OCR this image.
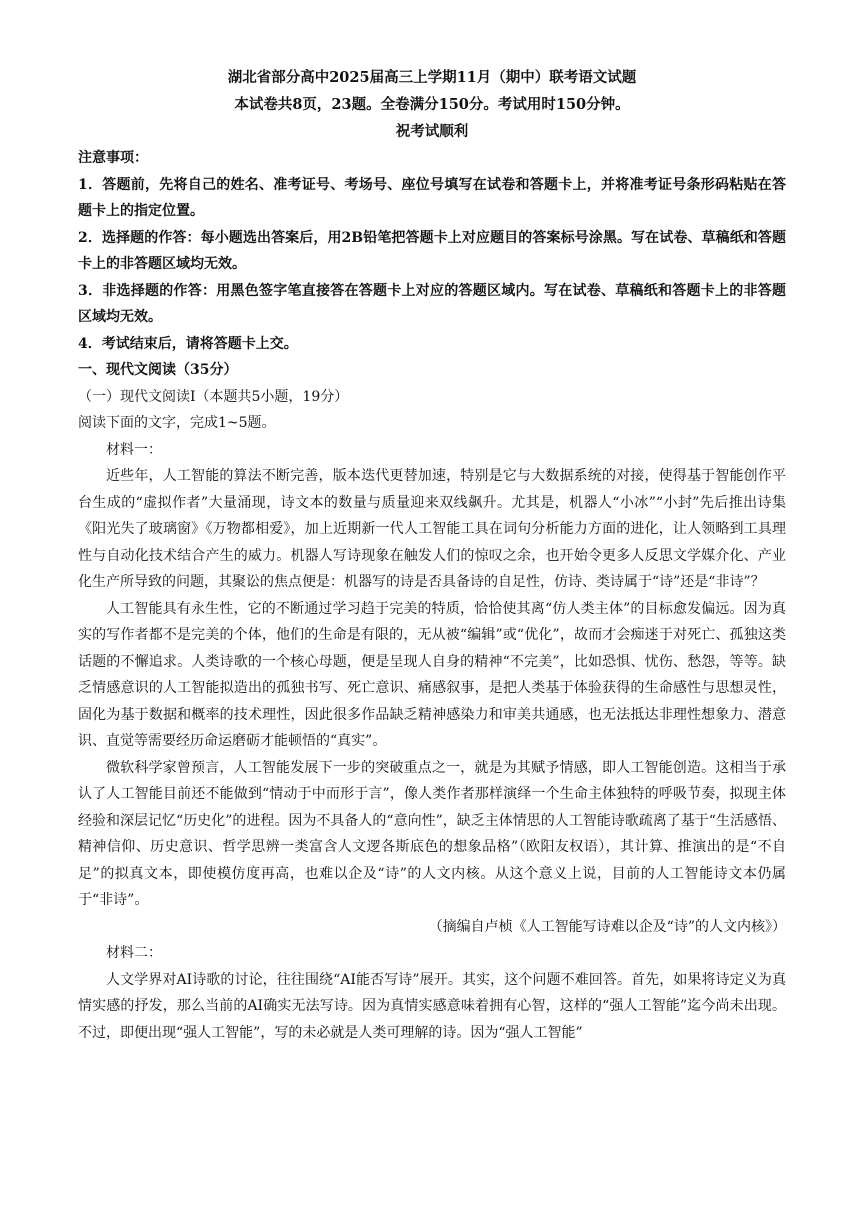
湖北省部分高中2025届高三上学期11月（期中）联考语文试题
本试卷共8页，23题。全卷满分150分。考试用时150分钟。
祝考试顺利

注意事项：

1．答题前，先将自己的姓名、准考证号、考场号、座位号填写在试卷和答题卡上，并将准考证号条形码粘贴在答题卡上的指定位置。

2．选择题的作答：每小题选出答案后，用2B铅笔把答题卡上对应题目的答案标号涂黑。写在试卷、草稿纸和答题卡上的非答题区域均无效。

3．非选择题的作答：用黑色签字笔直接答在答题卡上对应的答题区域内。写在试卷、草稿纸和答题卡上的非答题区域均无效。

4．考试结束后，请将答题卡上交。

一、现代文阅读（35分）

（一）现代文阅读Ⅰ（本题共5小题，19分）

阅读下面的文字，完成1~5题。

材料一：

近些年，人工智能的算法不断完善，版本迭代更替加速，特别是它与大数据系统的对接，使得基于智能创作平台生成的“虚拟作者”大量涌现，诗文本的数量与质量迎来双线飙升。尤其是，机器人“小冰”“小封”先后推出诗集《阳光失了玻璃窗》《万物都相爱》，加上近期新一代人工智能工具在词句分析能力方面的进化，让人领略到工具理性与自动化技术结合产生的威力。机器人写诗现象在触发人们的惊叹之余，也开始令更多人反思文学媒介化、产业化生产所导致的问题，其聚讼的焦点便是：机器写的诗是否具备诗的自足性，仿诗、类诗属于“诗”还是“非诗”？

人工智能具有永生性，它的不断通过学习趋于完美的特质，恰恰使其离“仿人类主体”的目标愈发偏远。因为真实的写作者都不是完美的个体，他们的生命是有限的，无从被“编辑”或“优化”，故而才会痴迷于对死亡、孤独这类话题的不懈追求。人类诗歌的一个核心母题，便是呈现人自身的精神“不完美”，比如恐惧、忧伤、愁怨，等等。缺乏情感意识的人工智能拟造出的孤独书写、死亡意识、痛感叙事，是把人类基于体验获得的生命感性与思想灵性，固化为基于数据和概率的技术理性，因此很多作品缺乏精神感染力和审美共通感，也无法抵达非理性想象力、潜意识、直觉等需要经历命运磨砺才能顿悟的“真实”。

微软科学家曾预言，人工智能发展下一步的突破重点之一，就是为其赋予情感，即人工智能创造。这相当于承认了人工智能目前还不能做到“情动于中而形于言”，像人类作者那样演绎一个生命主体独特的呼吸节奏，拟现主体经验和深层记忆“历史化”的进程。因为不具备人的“意向性”，缺乏主体情思的人工智能诗歌疏离了基于“生活感悟、精神信仰、历史意识、哲学思辨一类富含人文逻各斯底色的想象品格”（欧阳友权语），其计算、推演出的是“不自足”的拟真文本，即使模仿度再高，也难以企及“诗”的人文内核。从这个意义上说，目前的人工智能诗文本仍属于“非诗”。

（摘编自卢桢《人工智能写诗难以企及“诗”的人文内核》）

材料二：

人文学界对AI诗歌的讨论，往往围绕“AI能否写诗”展开。其实，这个问题不难回答。首先，如果将诗定义为真情实感的抒发，那么当前的AI确实无法写诗。因为真情实感意味着拥有心智，这样的“强人工智能”迄今尚未出现。不过，即便出现“强人工智能”，写的未必就是人类可理解的诗。因为“强人工智能”
